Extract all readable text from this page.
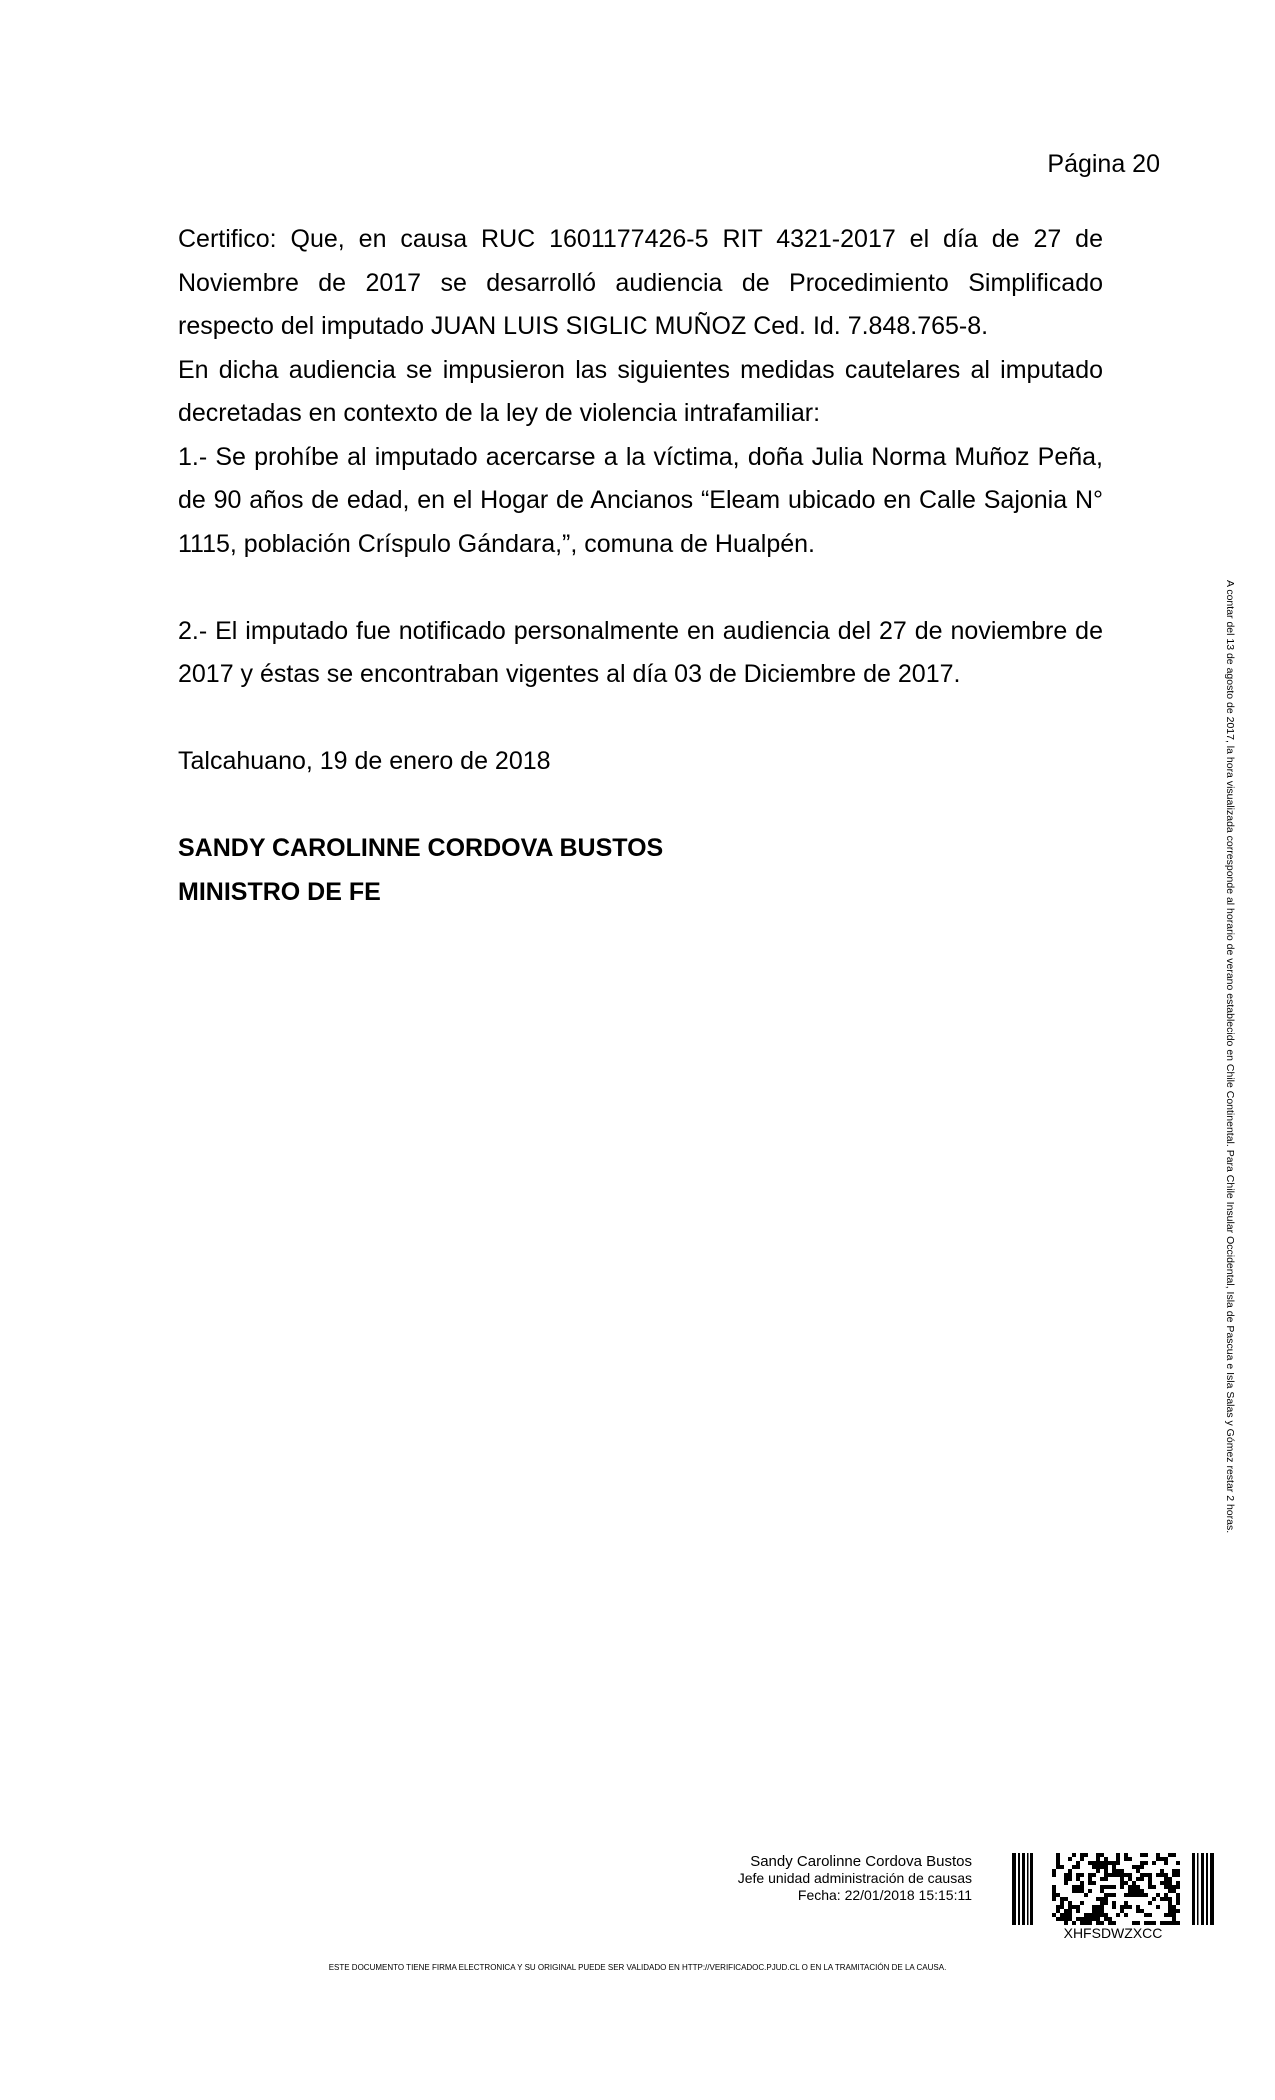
Página 20

Certifico: Que, en causa RUC 1601177426-5 RIT 4321-2017 el día de 27 de Noviembre de 2017 se desarrolló audiencia de Procedimiento Simplificado respecto del imputado JUAN LUIS SIGLIC MUÑOZ Ced. Id. 7.848.765-8.

En dicha audiencia se impusieron las siguientes medidas cautelares al imputado decretadas en contexto de la ley de violencia intrafamiliar:

1.- Se prohíbe al imputado acercarse a la víctima, doña Julia Norma Muñoz Peña, de 90 años de edad, en el Hogar de Ancianos “Eleam ubicado en Calle Sajonia N° 1115, población Críspulo Gándara,”, comuna de Hualpén.

2.- El imputado fue notificado personalmente en audiencia del 27 de noviembre de 2017 y éstas se encontraban vigentes al día 03 de Diciembre de 2017.

Talcahuano, 19 de enero de 2018

SANDY CAROLINNE CORDOVA BUSTOS

MINISTRO DE FE	A contar del 13 de agosto de 2017, la hora visualizada corresponde al horario de verano establecido en Chile Continental. Para Chile Insular Occidental, Isla de Pascua e Isla Salas y Gómez restar 2 horas.
Sandy Carolinne Cordova Bustos
Jefe unidad administración de causas
Fecha: 22/01/2018 15:15:11
XHFSDWZXCC
ESTE DOCUMENTO TIENE FIRMA ELECTRONICA Y SU ORIGINAL PUEDE SER VALIDADO EN HTTP://VERIFICADOC.PJUD.CL O EN LA TRAMITACIÓN DE LA CAUSA.
